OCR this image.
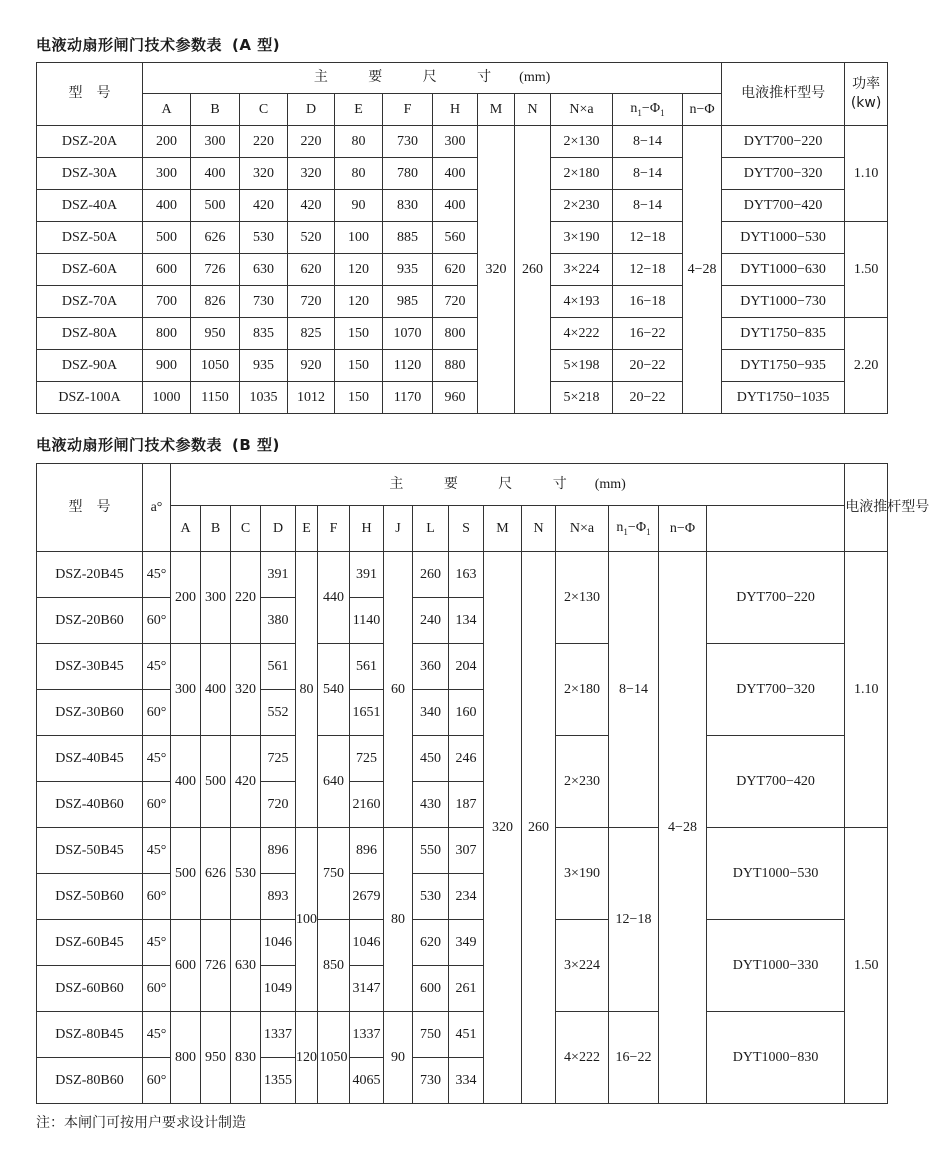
电液动扇形闸门技术参数表 (A 型)
型　号	主 要 尺 寸 (mm)												电液推杆型号	功率
(kw)
	A	B	C	D	E	F	H	M	N	N×a	$n_1-\Phi_1$	n−Φ		
DSZ-20A	200	300	220	220	80	730	300	320	260	2×130	8−14	4−28	DYT700−220	1.10
DSZ-30A	300	400	320	320	80	780	400			2×180	8−14		DYT700−320	
DSZ-40A	400	500	420	420	90	830	400			2×230	8−14		DYT700−420	
DSZ-50A	500	626	530	520	100	885	560			3×190	12−18		DYT1000−530	1.50
DSZ-60A	600	726	630	620	120	935	620			3×224	12−18		DYT1000−630	
DSZ-70A	700	826	730	720	120	985	720			4×193	16−18		DYT1000−730	
DSZ-80A	800	950	835	825	150	1070	800			4×222	16−22		DYT1750−835	2.20
DSZ-90A	900	1050	935	920	150	1120	880			5×198	20−22		DYT1750−935	
DSZ-100A	1000	1150	1035	1012	150	1170	960			5×218	20−22		DYT1750−1035	
电液动扇形闸门技术参数表 (B 型)
型　号	a°	主 要 尺 寸 (mm)																电液推杆型号	

		A	B	C	D	E	F	H	J	L	S	M	N	N×a	$n_1-\Phi_1$	n−Φ			
DSZ-20B45	45°	200	300	220	391	80	440	391	60	260	163	320	260	2×130	8−14	4−28	DYT700−220	1.10	
DSZ-20B60	60°				380			1140		240	134								
DSZ-30B45	45°	300	400	320	561		540	561		360	204			2×180			DYT700−320		
DSZ-30B60	60°				552			1651		340	160								
DSZ-40B45	45°	400	500	420	725		640	725		450	246			2×230			DYT700−420		
DSZ-40B60	60°				720			2160		430	187								
DSZ-50B45	45°	500	626	530	896	100	750	896	80	550	307			3×190	12−18		DYT1000−530	1.50	
DSZ-50B60	60°				893			2679		530	234								
DSZ-60B45	45°	600	726	630	1046		850	1046		620	349			3×224			DYT1000−330		
DSZ-60B60	60°				1049			3147		600	261								
DSZ-80B45	45°	800	950	830	1337	120	1050	1337	90	750	451			4×222	16−22		DYT1000−830		
DSZ-80B60	60°				1355			4065		730	334								
注：本闸门可按用户要求设计制造
